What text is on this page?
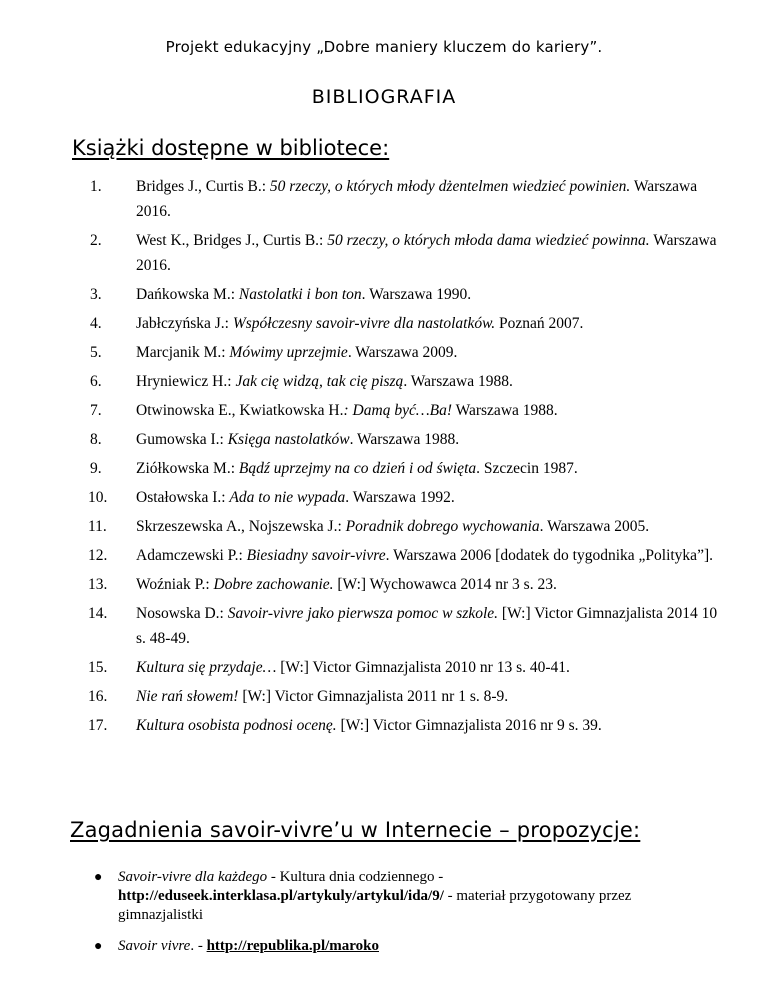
Projekt edukacyjny „Dobre maniery kluczem do kariery”.
BIBLIOGRAFIA
Książki dostępne w bibliotece:
1. Bridges J., Curtis B.: 50 rzeczy, o których młody dżentelmen wiedzieć powinien. Warszawa 2016.
2. West K., Bridges J., Curtis B.: 50 rzeczy, o których młoda dama wiedzieć powinna. Warszawa 2016.
3. Dańkowska M.: Nastolatki i bon ton. Warszawa 1990.
4. Jabłczyńska J.: Współczesny savoir-vivre dla nastolatków. Poznań 2007.
5. Marcjanik M.: Mówimy uprzejmie. Warszawa 2009.
6. Hryniewicz H.: Jak cię widzą, tak cię piszą. Warszawa 1988.
7. Otwinowska E., Kwiatkowska H.: Damą być…Ba! Warszawa 1988.
8. Gumowska I.: Księga nastolatków. Warszawa 1988.
9. Ziółkowska M.: Bądź uprzejmy na co dzień i od święta. Szczecin 1987.
10. Ostałowska I.: Ada to nie wypada. Warszawa 1992.
11. Skrzeszewska A., Nojszewska J.: Poradnik dobrego wychowania. Warszawa 2005.
12. Adamczewski P.: Biesiadny savoir-vivre. Warszawa 2006 [dodatek do tygodnika „Polityka”].
13. Woźniak P.: Dobre zachowanie. [W:] Wychowawca 2014 nr 3 s. 23.
14. Nosowska D.: Savoir-vivre jako pierwsza pomoc w szkole. [W:] Victor Gimnazjalista 2014 10 s. 48-49.
15. Kultura się przydaje… [W:] Victor Gimnazjalista 2010 nr 13 s. 40-41.
16. Nie rań słowem! [W:] Victor Gimnazjalista 2011 nr 1 s. 8-9.
17. Kultura osobista podnosi ocenę. [W:] Victor Gimnazjalista 2016 nr 9 s. 39.
Zagadnienia savoir-vivre’u w Internecie – propozycje:
● Savoir-vivre dla każdego - Kultura dnia codziennego - http://eduseek.interklasa.pl/artykuly/artykul/ida/9/ - materiał przygotowany przez gimnazjalistki
● Savoir vivre. - http://republika.pl/maroko
